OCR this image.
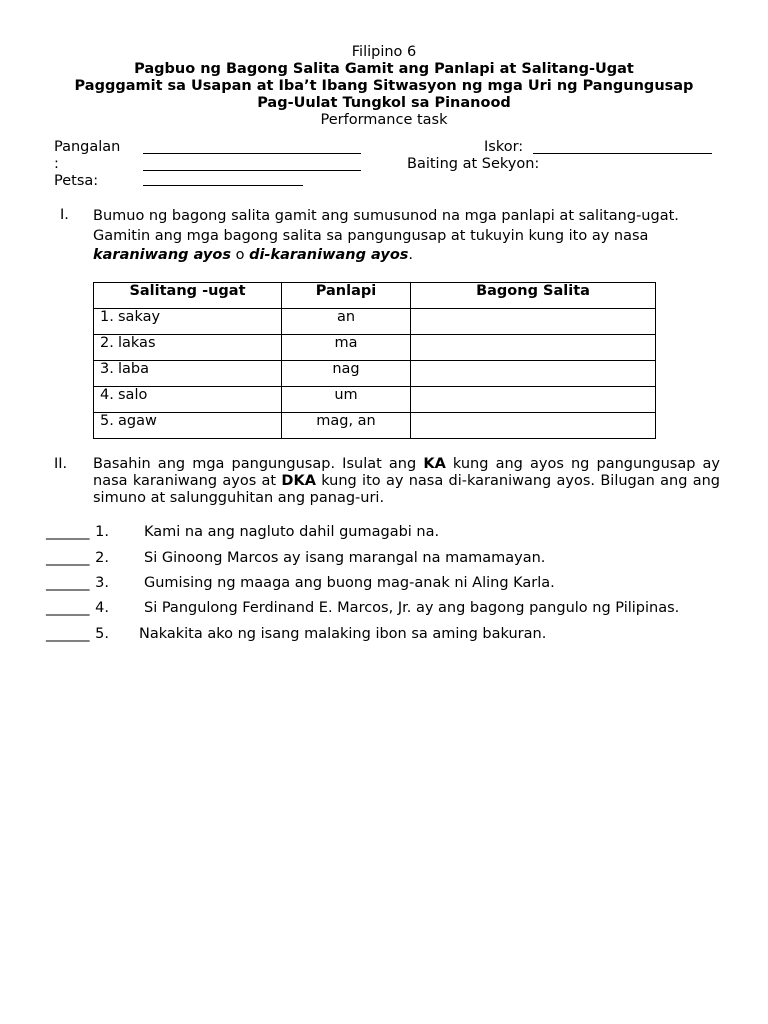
Filipino 6
Pagbuo ng Bagong Salita Gamit ang Panlapi at Salitang-Ugat
Pagggamit sa Usapan at Iba’t Ibang Sitwasyon ng mga Uri ng Pangungusap
Pag-Uulat Tungkol sa Pinanood
Performance task
Pangalan
:
Petsa:
Iskor:
Baiting at Sekyon:
I. Bumuo ng bagong salita gamit ang sumusunod na mga panlapi at salitang-ugat.
Gamitin ang mga bagong salita sa pangungusap at tukuyin kung ito ay nasa
karaniwang ayos o di-karaniwang ayos.
Salitang -ugat	Panlapi	Bagong Salita
1. sakay	an	
2. lakas	ma	
3. laba	nag	
4. salo	um	
5. agaw	mag, an	
II. Basahin ang mga pangungusap. Isulat ang KA kung ang ayos ng pangungusap ay nasa karaniwang ayos at DKA kung ito ay nasa di-karaniwang ayos. Bilugan ang ang simuno at salungguhitan ang panag-uri.
______ 1. Kami na ang nagluto dahil gumagabi na.
______ 2. Si Ginoong Marcos ay isang marangal na mamamayan.
______ 3. Gumising ng maaga ang buong mag-anak ni Aling Karla.
______ 4. Si Pangulong Ferdinand E. Marcos, Jr. ay ang bagong pangulo ng Pilipinas.
______ 5. Nakakita ako ng isang malaking ibon sa aming bakuran.
